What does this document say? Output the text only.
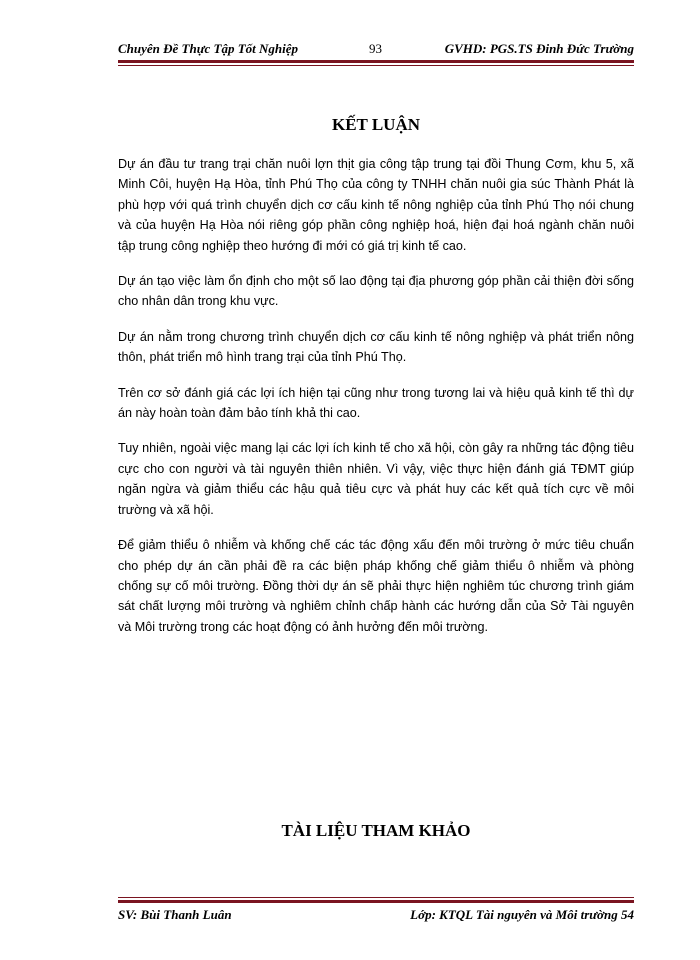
Chuyên Đề Thực Tập Tốt Nghiệp	93	GVHD: PGS.TS Đinh Đức Trường
KẾT LUẬN

Dự án đầu tư trang trại chăn nuôi lợn thịt gia công tập trung tại đồi Thung Cơm, khu 5, xã Minh Côi, huyện Hạ Hòa, tỉnh Phú Thọ của công ty TNHH chăn nuôi gia súc Thành Phát là phù hợp với quá trình chuyển dịch cơ cấu kinh tế nông nghiệp của tỉnh Phú Thọ nói chung và của huyện Hạ Hòa nói riêng góp phần công nghiệp hoá, hiện đại hoá ngành chăn nuôi tập trung công nghiệp theo hướng đi mới có giá trị kinh tế cao.

Dự án tạo việc làm ổn định cho một số lao động tại địa phương góp phần cải thiện đời sống cho nhân dân trong khu vực.

Dự án nằm trong chương trình chuyển dịch cơ cấu kinh tế nông nghiệp và phát triển nông thôn, phát triển mô hình trang trại của tỉnh Phú Thọ.

Trên cơ sở đánh giá các lợi ích hiện tại cũng như trong tương lai và hiệu quả kinh tế thì dự án này hoàn toàn đảm bảo tính khả thi cao.

Tuy nhiên, ngoài việc mang lại các lợi ích kinh tế cho xã hội, còn gây ra những tác động tiêu cực cho con người và tài nguyên thiên nhiên. Vì vậy, việc thực hiện đánh giá TĐMT giúp ngăn ngừa và giảm thiểu các hậu quả tiêu cực và phát huy các kết quả tích cực về môi trường và xã hội.

Để giảm thiểu ô nhiễm và khống chế các tác động xấu đến môi trường ở mức tiêu chuẩn cho phép dự án cần phải đề ra các biện pháp khống chế giảm thiểu ô nhiễm và phòng chống sự cố môi trường. Đồng thời dự án sẽ phải thực hiện nghiêm túc chương trình giám sát chất lượng môi trường và nghiêm chỉnh chấp hành các hướng dẫn của Sở Tài nguyên và Môi trường trong các hoạt động có ảnh hưởng đến môi trường.

TÀI LIỆU THAM KHẢO
SV: Bùi Thanh Luân	Lớp: KTQL Tài nguyên và Môi trường 54
